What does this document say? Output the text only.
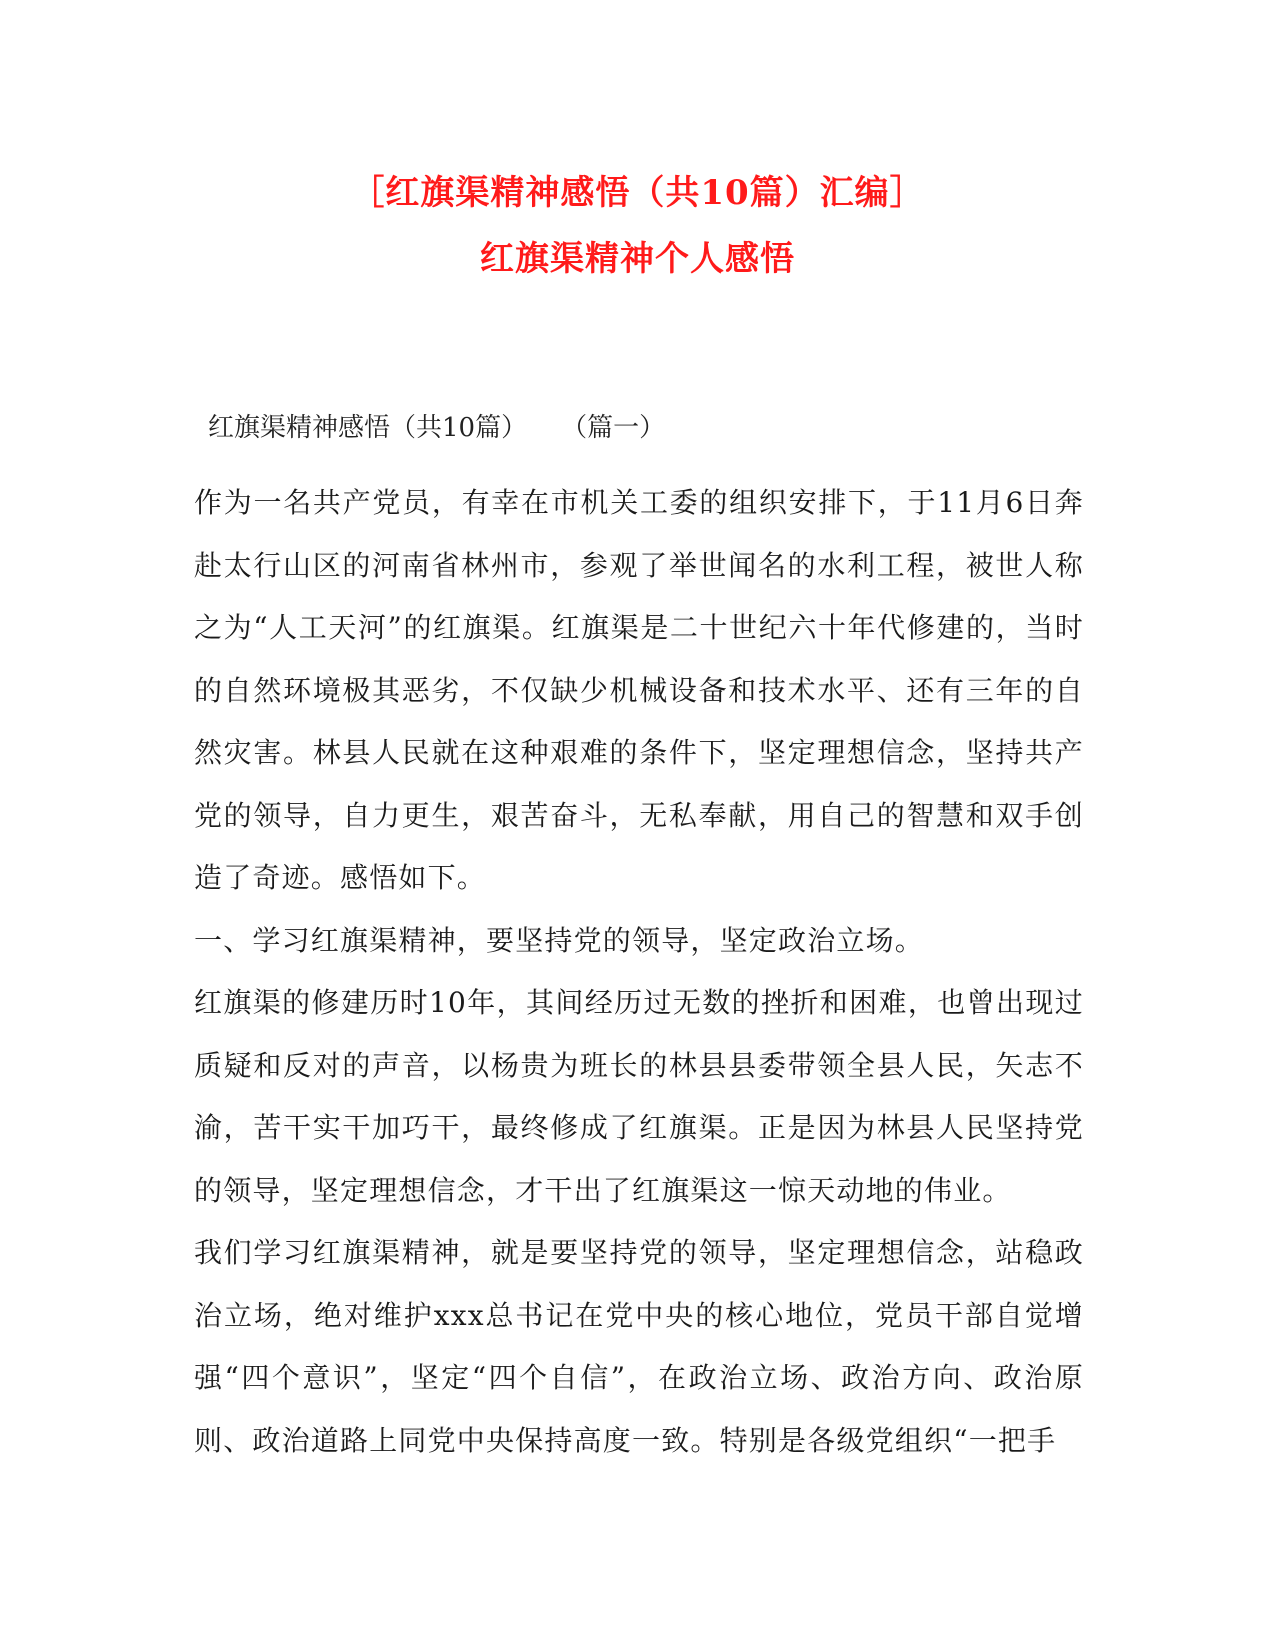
［红旗渠精神感悟（共10篇）汇编］
红旗渠精神个人感悟
红旗渠精神感悟（共10篇） （篇一）

作为一名共产党员，有幸在市机关工委的组织安排下，于11月6日奔赴太行山区的河南省林州市，参观了举世闻名的水利工程，被世人称之为“人工天河”的红旗渠。红旗渠是二十世纪六十年代修建的，当时的自然环境极其恶劣，不仅缺少机械设备和技术水平、还有三年的自然灾害。林县人民就在这种艰难的条件下，坚定理想信念，坚持共产党的领导，自力更生，艰苦奋斗，无私奉献，用自己的智慧和双手创造了奇迹。感悟如下。

一、学习红旗渠精神，要坚持党的领导，坚定政治立场。

红旗渠的修建历时10年，其间经历过无数的挫折和困难，也曾出现过质疑和反对的声音，以杨贵为班长的林县县委带领全县人民，矢志不渝，苦干实干加巧干，最终修成了红旗渠。正是因为林县人民坚持党的领导，坚定理想信念，才干出了红旗渠这一惊天动地的伟业。

我们学习红旗渠精神，就是要坚持党的领导，坚定理想信念，站稳政治立场，绝对维护xxx总书记在党中央的核心地位，党员干部自觉增强“四个意识”，坚定“四个自信”，在政治立场、政治方向、政治原则、政治道路上同党中央保持高度一致。特别是各级党组织“一把手
